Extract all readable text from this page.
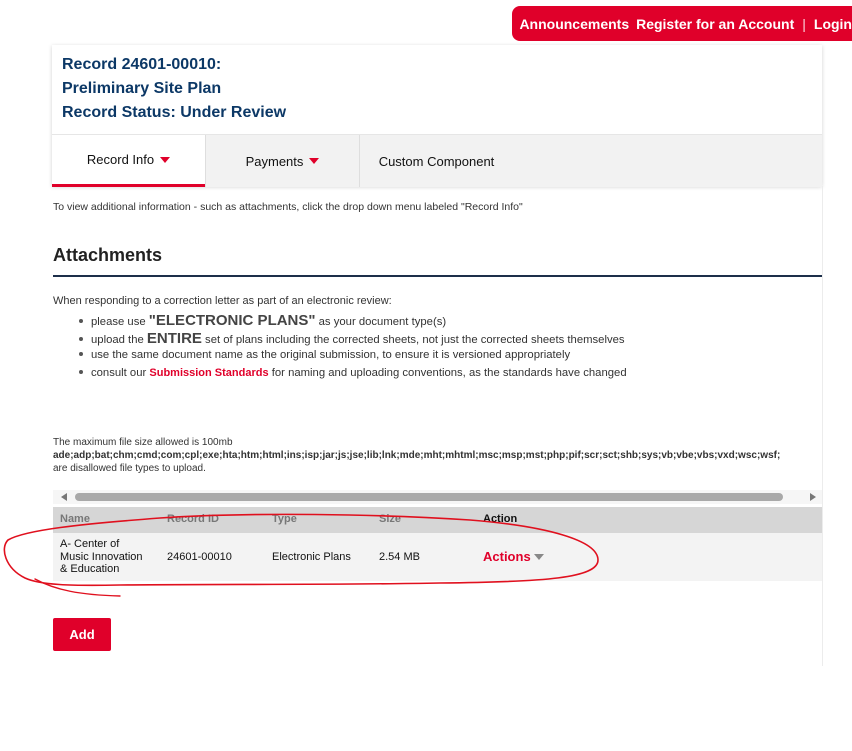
Announcements Register for an Account | Login
Record 24601-00010:
Preliminary Site Plan
Record Status: Under Review
Record Info	Payments	Custom Component
To view additional information - such as attachments, click the drop down menu labeled "Record Info"
Attachments
When responding to a correction letter as part of an electronic review:
please use "ELECTRONIC PLANS" as your document type(s)
upload the ENTIRE set of plans including the corrected sheets, not just the corrected sheets themselves
use the same document name as the original submission, to ensure it is versioned appropriately
consult our Submission Standards for naming and uploading conventions, as the standards have changed
The maximum file size allowed is 100mb
ade;adp;bat;chm;cmd;com;cpl;exe;hta;htm;html;ins;isp;jar;js;jse;lib;lnk;mde;mht;mhtml;msc;msp;mst;php;pif;scr;sct;shb;sys;vb;vbe;vbs;vxd;wsc;wsf;
are disallowed file types to upload.
Name	Record ID	Type	Size	Action
A- Center of
Music Innovation
& Education
24601-00010	Electronic Plans	2.54 MB	Actions
Add
